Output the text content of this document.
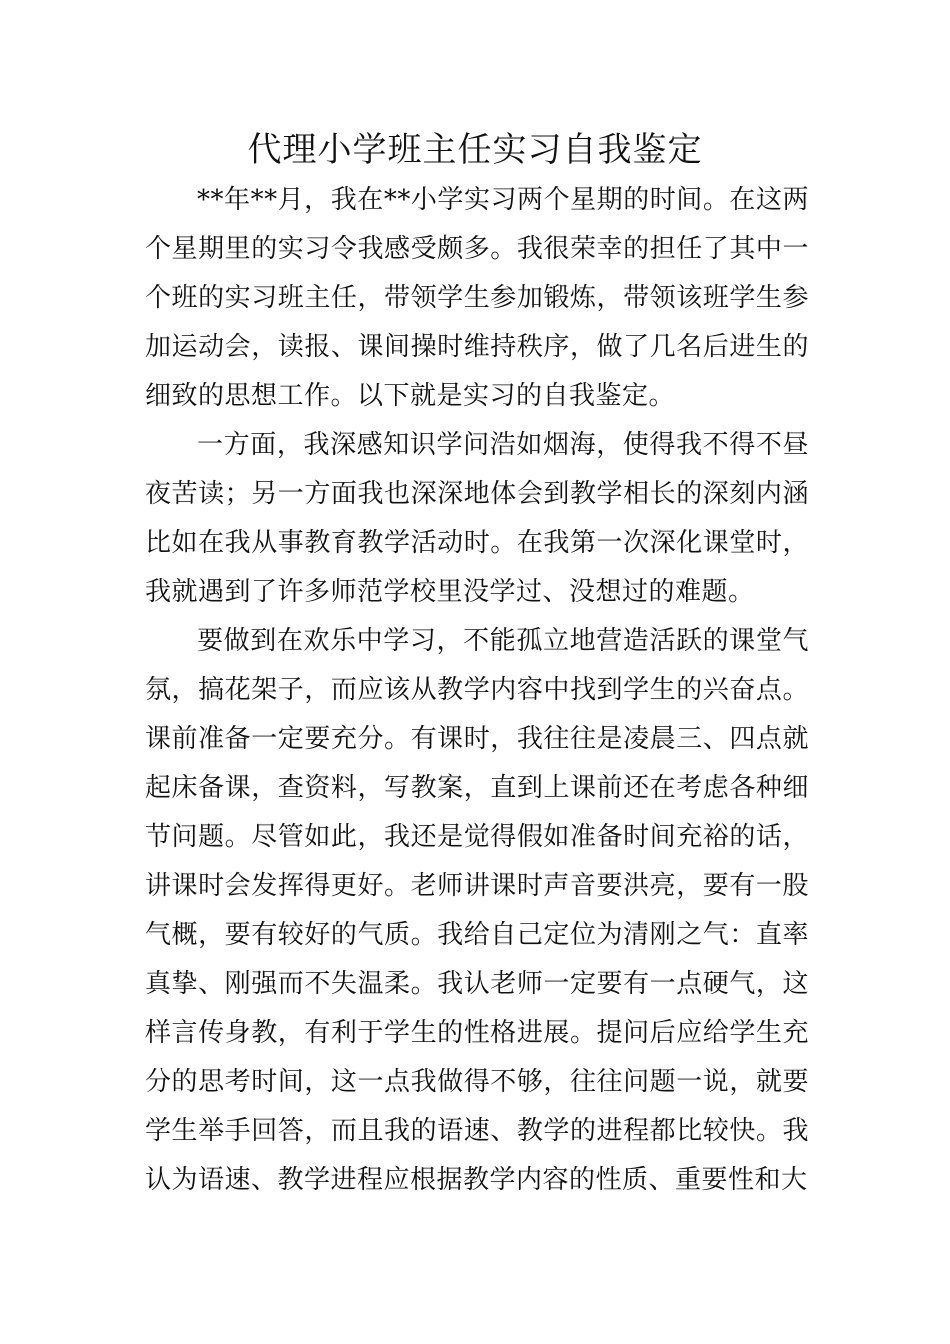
代理小学班主任实习自我鉴定

**年**月，我在**小学实习两个星期的时间。在这两个星期里的实习令我感受颇多。我很荣幸的担任了其中一个班的实习班主任，带领学生参加锻炼，带领该班学生参加运动会，读报、课间操时维持秩序，做了几名后进生的细致的思想工作。以下就是实习的自我鉴定。

一方面，我深感知识学问浩如烟海，使得我不得不昼夜苦读；另一方面我也深深地体会到教学相长的深刻内涵比如在我从事教育教学活动时。在我第一次深化课堂时，我就遇到了许多师范学校里没学过、没想过的难题。

要做到在欢乐中学习，不能孤立地营造活跃的课堂气氛，搞花架子，而应该从教学内容中找到学生的兴奋点。课前准备一定要充分。有课时，我往往是凌晨三、四点就起床备课，查资料，写教案，直到上课前还在考虑各种细节问题。尽管如此，我还是觉得假如准备时间充裕的话，讲课时会发挥得更好。老师讲课时声音要洪亮，要有一股气概，要有较好的气质。我给自己定位为清刚之气：直率真挚、刚强而不失温柔。我认老师一定要有一点硬气，这样言传身教，有利于学生的性格进展。提问后应给学生充分的思考时间，这一点我做得不够，往往问题一说，就要学生举手回答，而且我的语速、教学的进程都比较快。我认为语速、教学进程应根据教学内容的性质、重要性和大
